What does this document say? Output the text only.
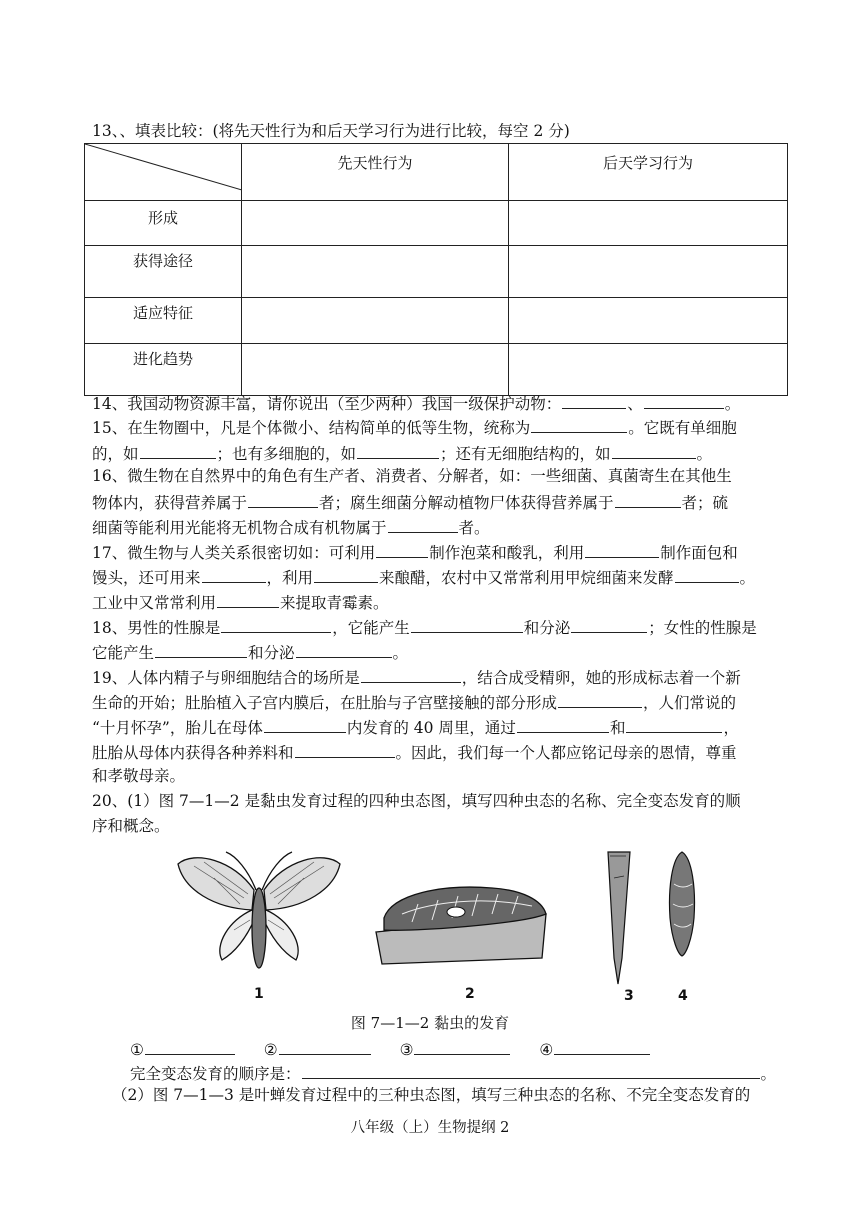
13、、填表比较：(将先天性行为和后天学习行为进行比较，每空 2 分)
	先天性行为	后天学习行为
形成		
获得途径		
适应特征		
进化趋势		
14、我国动物资源丰富，请你说出（至少两种）我国一级保护动物：	、	。
15、在生物圈中，凡是个体微小、结构简单的低等生物，统称为	。它既有单细胞
的，如	；也有多细胞的，如	；还有无细胞结构的，如	。
16、微生物在自然界中的角色有生产者、消费者、分解者，如：一些细菌、真菌寄生在其他生
物体内，获得营养属于	者；腐生细菌分解动植物尸体获得营养属于	者；硫
细菌等能利用光能将无机物合成有机物属于	者。
17、微生物与人类关系很密切如：可利用	制作泡菜和酸乳，利用	制作面包和
馒头，还可用来	，利用	来酿醋，农村中又常常利用甲烷细菌来发酵	。
工业中又常常利用	来提取青霉素。
18、男性的性腺是	，它能产生	和分泌	；女性的性腺是
它能产生	和分泌	。
19、人体内精子与卵细胞结合的场所是	，结合成受精卵，她的形成标志着一个新
生命的开始；肚胎植入子宫内膜后，在肚胎与子宫壁接触的部分形成	，人们常说的
“十月怀孕”，胎儿在母体	内发育的 40 周里，通过	和	，
肚胎从母体内获得各种养料和	。因此，我们每一个人都应铭记母亲的恩情，尊重
和孝敬母亲。
20、(1）图 7—1—2 是黏虫发育过程的四种虫态图，填写四种虫态的名称、完全变态发育的顺
序和概念。
1	2	3	4
图 7—1—2 黏虫的发育
①	②	③	④
完全变态发育的顺序是：	。
（2）图 7—1—3 是叶蝉发育过程中的三种虫态图，填写三种虫态的名称、不完全变态发育的
八年级（上）生物提纲 2
